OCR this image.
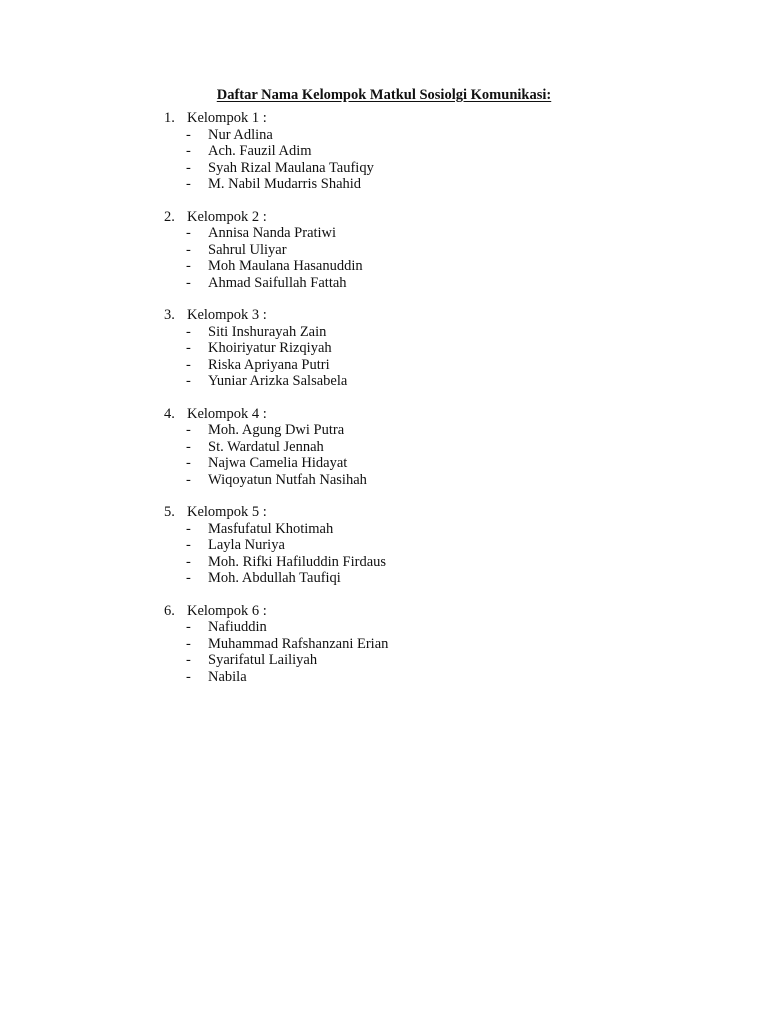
Daftar Nama Kelompok Matkul Sosiolgi Komunikasi:
1. Kelompok 1 :
- Nur Adlina
- Ach. Fauzil Adim
- Syah Rizal Maulana Taufiqy
- M. Nabil Mudarris Shahid
2. Kelompok 2 :
- Annisa Nanda Pratiwi
- Sahrul Uliyar
- Moh Maulana Hasanuddin
- Ahmad Saifullah Fattah
3. Kelompok 3 :
- Siti Inshurayah Zain
- Khoiriyatur Rizqiyah
- Riska Apriyana Putri
- Yuniar Arizka Salsabela
4. Kelompok 4 :
- Moh. Agung Dwi Putra
- St. Wardatul Jennah
- Najwa Camelia Hidayat
- Wiqoyatun Nutfah Nasihah
5. Kelompok 5 :
- Masfufatul Khotimah
- Layla Nuriya
- Moh. Rifki Hafiluddin Firdaus
- Moh. Abdullah Taufiqi
6. Kelompok 6 :
- Nafiuddin
- Muhammad Rafshanzani Erian
- Syarifatul Lailiyah
- Nabila
